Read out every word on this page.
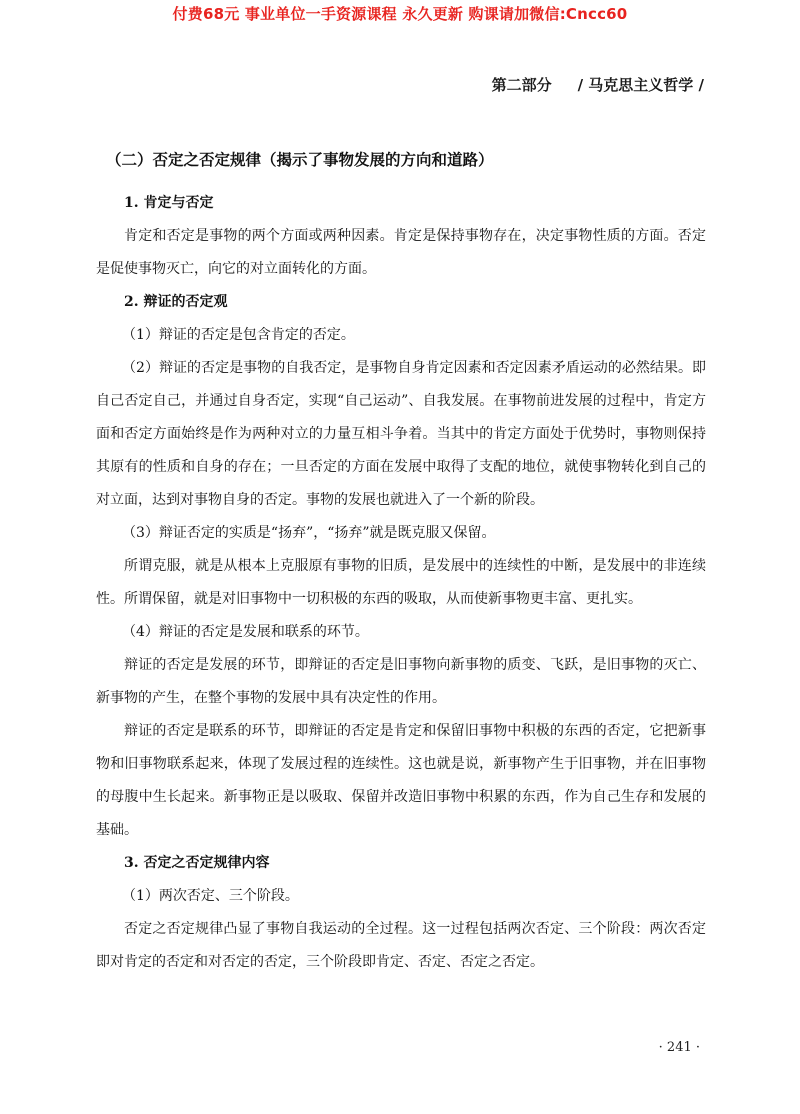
付费68元 事业单位一手资源课程 永久更新 购课请加微信:Cncc60
第二部分 / 马克思主义哲学 /
（二）否定之否定规律（揭示了事物发展的方向和道路）
1. 肯定与否定

肯定和否定是事物的两个方面或两种因素。肯定是保持事物存在，决定事物性质的方面。否定是促使事物灭亡，向它的对立面转化的方面。

2. 辩证的否定观

（1）辩证的否定是包含肯定的否定。

（2）辩证的否定是事物的自我否定，是事物自身肯定因素和否定因素矛盾运动的必然结果。即自己否定自己，并通过自身否定，实现“自己运动”、自我发展。在事物前进发展的过程中，肯定方面和否定方面始终是作为两种对立的力量互相斗争着。当其中的肯定方面处于优势时，事物则保持其原有的性质和自身的存在；一旦否定的方面在发展中取得了支配的地位，就使事物转化到自己的对立面，达到对事物自身的否定。事物的发展也就进入了一个新的阶段。

（3）辩证否定的实质是“扬弃”，“扬弃”就是既克服又保留。

所谓克服，就是从根本上克服原有事物的旧质，是发展中的连续性的中断，是发展中的非连续性。所谓保留，就是对旧事物中一切积极的东西的吸取，从而使新事物更丰富、更扎实。

（4）辩证的否定是发展和联系的环节。

辩证的否定是发展的环节，即辩证的否定是旧事物向新事物的质变、飞跃，是旧事物的灭亡、新事物的产生，在整个事物的发展中具有决定性的作用。

辩证的否定是联系的环节，即辩证的否定是肯定和保留旧事物中积极的东西的否定，它把新事物和旧事物联系起来，体现了发展过程的连续性。这也就是说，新事物产生于旧事物，并在旧事物的母腹中生长起来。新事物正是以吸取、保留并改造旧事物中积累的东西，作为自己生存和发展的基础。

3. 否定之否定规律内容

（1）两次否定、三个阶段。

否定之否定规律凸显了事物自我运动的全过程。这一过程包括两次否定、三个阶段：两次否定即对肯定的否定和对否定的否定，三个阶段即肯定、否定、否定之否定。

· 241 ·
